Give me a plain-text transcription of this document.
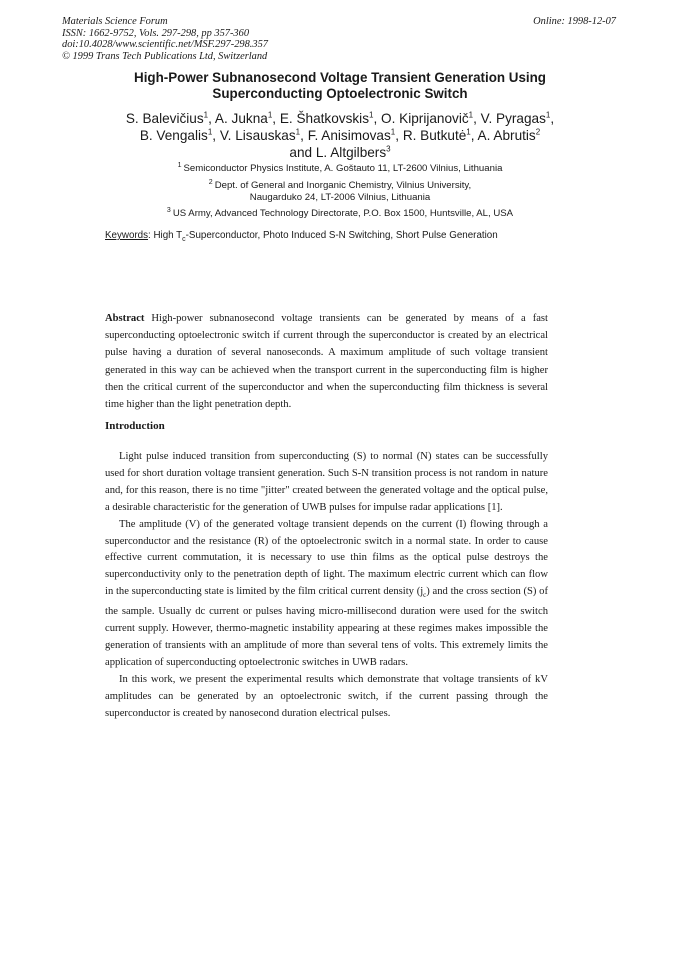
Materials Science Forum
ISSN: 1662-9752, Vols. 297-298, pp 357-360
doi:10.4028/www.scientific.net/MSF.297-298.357
© 1999 Trans Tech Publications Ltd, Switzerland
Online: 1998-12-07
High-Power Subnanosecond Voltage Transient Generation Using
Superconducting Optoelectronic Switch
S. Balevičius$^1$, A. Jukna$^1$, E. Šhatkovskis$^1$, O. Kiprijanovič$^1$, V. Pyragas$^1$,
B. Vengalis$^1$, V. Lisauskas$^1$, F. Anisimovas$^1$, R. Butkutė$^1$, A. Abrutis$^2$
and L. Altgilbers$^3$
$^1$ Semiconductor Physics Institute, A. Goštauto 11, LT-2600 Vilnius, Lithuania
$^2$ Dept. of General and Inorganic Chemistry, Vilnius University,
Naugarduko 24, LT-2006 Vilnius, Lithuania
$^3$ US Army, Advanced Technology Directorate, P.O. Box 1500, Huntsville, AL, USA
Keywords: High $T_c$-Superconductor, Photo Induced S-N Switching, Short Pulse Generation
Abstract High-power subnanosecond voltage transients can be generated by means of a fast superconducting optoelectronic switch if current through the superconductor is created by an electrical pulse having a duration of several nanoseconds. A maximum amplitude of such voltage transient generated in this way can be achieved when the transport current in the superconducting film is higher then the critical current of the superconductor and when the superconducting film thickness is several time higher than the light penetration depth.
Introduction

Light pulse induced transition from superconducting (S) to normal (N) states can be successfully used for short duration voltage transient generation. Such S-N transition process is not random in nature and, for this reason, there is no time "jitter" created between the generated voltage and the optical pulse, a desirable characteristic for the generation of UWB pulses for impulse radar applications [1].

The amplitude (V) of the generated voltage transient depends on the current (I) flowing through a superconductor and the resistance (R) of the optoelectronic switch in a normal state. In order to cause effective current commutation, it is necessary to use thin films as the optical pulse destroys the superconductivity only to the penetration depth of light. The maximum electric current which can flow in the superconducting state is limited by the film critical current density $(j_c)$ and the cross section (S) of the sample. Usually dc current or pulses having micro-millisecond duration were used for the switch current supply. However, thermo-magnetic instability appearing at these regimes makes impossible the generation of transients with an amplitude of more than several tens of volts. This extremely limits the application of superconducting optoelectronic switches in UWB radars.

In this work, we present the experimental results which demonstrate that voltage transients of kV amplitudes can be generated by an optoelectronic switch, if the current passing through the superconductor is created by nanosecond duration electrical pulses.
